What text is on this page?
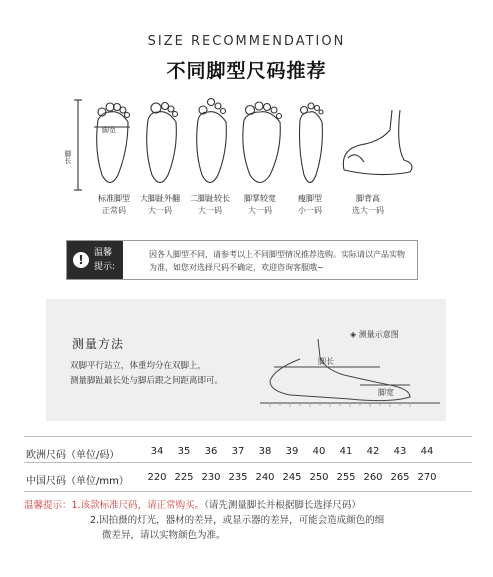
SIZE RECOMMENDATION
不同脚型尺码推荐
脚宽
脚长
标准脚型
正常码
大脚趾外翻
大一码
二脚趾较长
大一码
脚掌较宽
大一码
瘦脚型
小一码
脚背高
选大一码
!	温馨
提示:
因各人脚型不同，请参考以上不同脚型情况推荐选购。实际请以产品实物为准，如您对选择尺码不确定，欢迎咨询客服哦~
测量方法
双脚平行站立，体重均分在双脚上，
测量脚趾最长处与脚后跟之间距离即可。
◈ 测量示意图
脚长
脚宽
欧洲尺码（单位/码）	34	35	36	37	38	39	40	41	42	43	44
中国尺码（单位/mm）	220 225 230 235 240 245 250 255 260 265 270
温馨提示：1.该款标准尺码，请正常购买。（请先测量脚长并根据脚长选择尺码）
2.因拍摄的灯光，器材的差异，或显示器的差异，可能会造成颜色的细
微差异，请以实物颜色为准。
